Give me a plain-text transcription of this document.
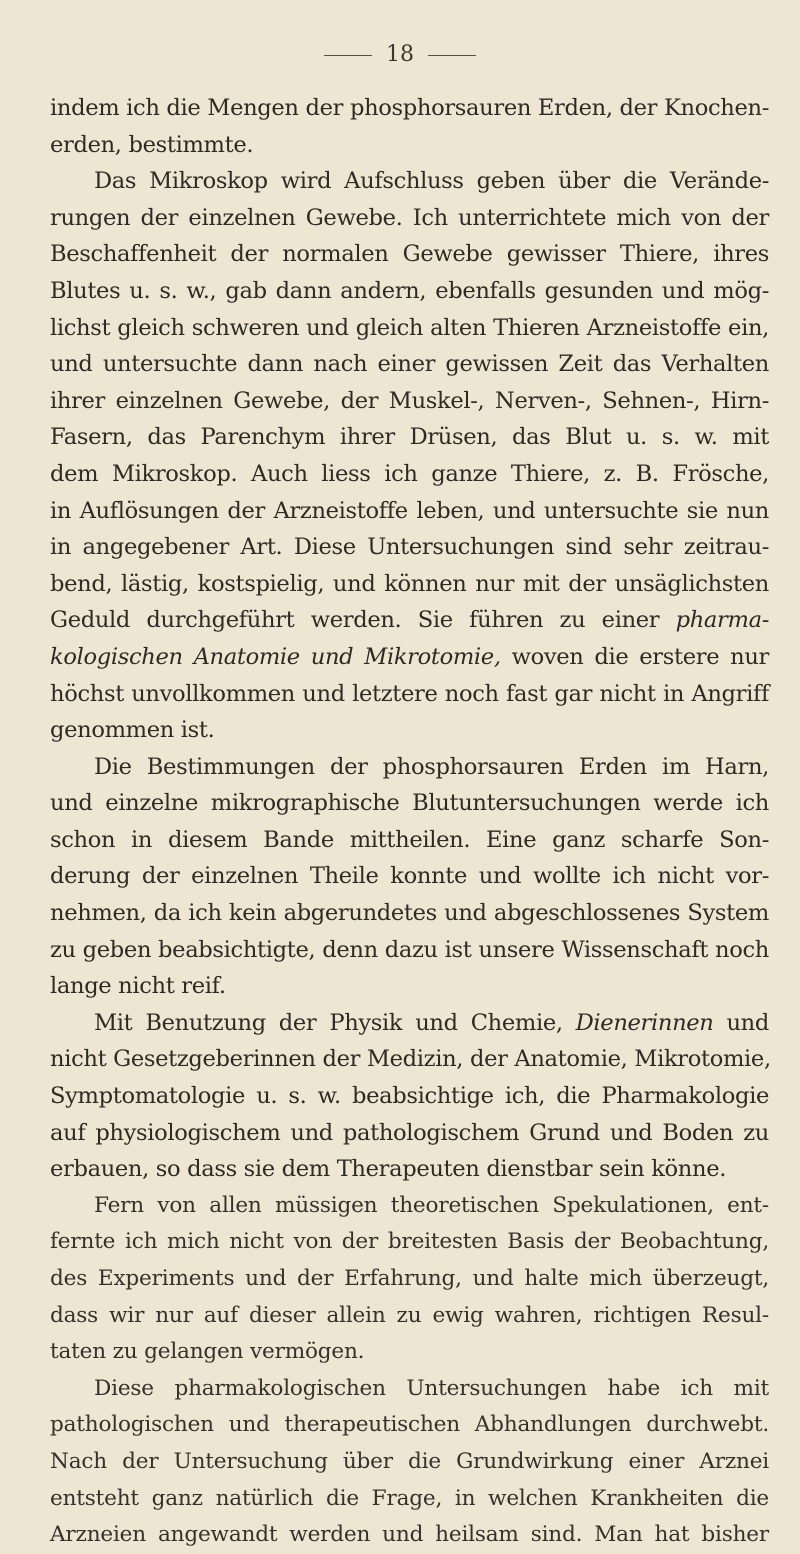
18
indem ich die Mengen der phosphorsauren Erden, der Knochen-
erden, bestimmte.
Das Mikroskop wird Aufschluss geben über die Verände-
rungen der einzelnen Gewebe. Ich unterrichtete mich von der
Beschaffenheit der normalen Gewebe gewisser Thiere, ihres
Blutes u. s. w., gab dann andern, ebenfalls gesunden und mög-
lichst gleich schweren und gleich alten Thieren Arzneistoffe ein,
und untersuchte dann nach einer gewissen Zeit das Verhalten
ihrer einzelnen Gewebe, der Muskel-, Nerven-, Sehnen-, Hirn-
Fasern, das Parenchym ihrer Drüsen, das Blut u. s. w. mit
dem Mikroskop. Auch liess ich ganze Thiere, z. B. Frösche,
in Auflösungen der Arzneistoffe leben, und untersuchte sie nun
in angegebener Art. Diese Untersuchungen sind sehr zeitrau-
bend, lästig, kostspielig, und können nur mit der unsäglichsten
Geduld durchgeführt werden. Sie führen zu einer pharma-
kologischen Anatomie und Mikrotomie, woven die erstere nur
höchst unvollkommen und letztere noch fast gar nicht in Angriff
genommen ist.
Die Bestimmungen der phosphorsauren Erden im Harn,
und einzelne mikrographische Blutuntersuchungen werde ich
schon in diesem Bande mittheilen. Eine ganz scharfe Son-
derung der einzelnen Theile konnte und wollte ich nicht vor-
nehmen, da ich kein abgerundetes und abgeschlossenes System
zu geben beabsichtigte, denn dazu ist unsere Wissenschaft noch
lange nicht reif.
Mit Benutzung der Physik und Chemie, Dienerinnen und
nicht Gesetzgeberinnen der Medizin, der Anatomie, Mikrotomie,
Symptomatologie u. s. w. beabsichtige ich, die Pharmakologie
auf physiologischem und pathologischem Grund und Boden zu
erbauen, so dass sie dem Therapeuten dienstbar sein könne.
Fern von allen müssigen theoretischen Spekulationen, ent-
fernte ich mich nicht von der breitesten Basis der Beobachtung,
des Experiments und der Erfahrung, und halte mich überzeugt,
dass wir nur auf dieser allein zu ewig wahren, richtigen Resul-
taten zu gelangen vermögen.
Diese pharmakologischen Untersuchungen habe ich mit
pathologischen und therapeutischen Abhandlungen durchwebt.
Nach der Untersuchung über die Grundwirkung einer Arznei
entsteht ganz natürlich die Frage, in welchen Krankheiten die
Arzneien angewandt werden und heilsam sind. Man hat bisher
